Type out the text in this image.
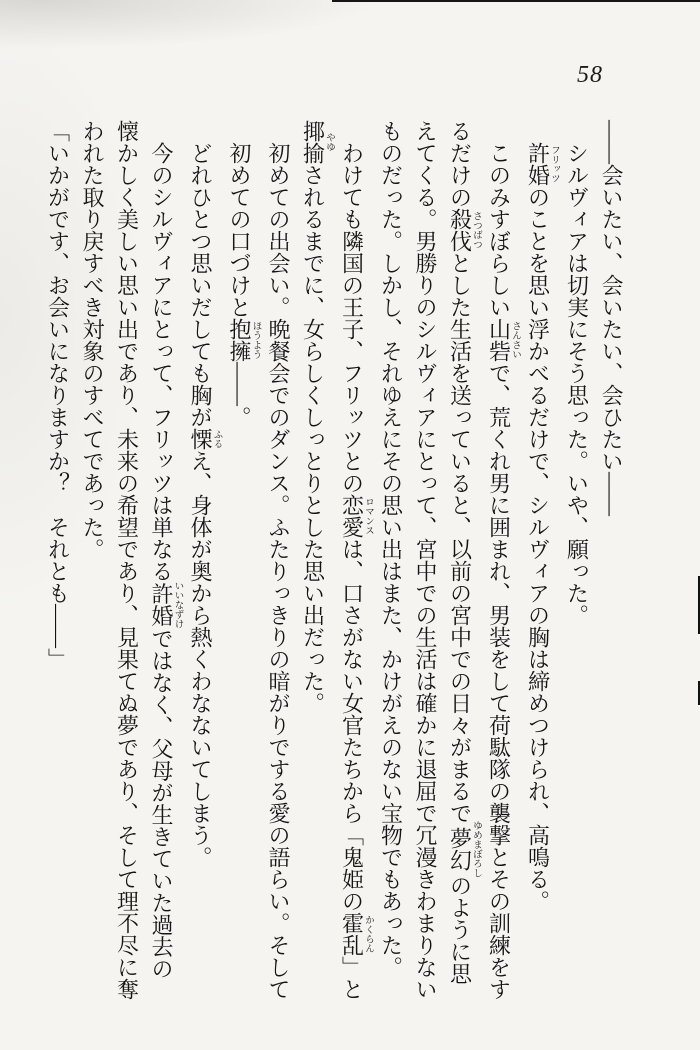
58

——会いたい、会いたい、会ひたい——

シルヴィアは切実にそう思った。いや、願った。

許婚フリッツのことを思い浮かべるだけで、シルヴィアの胸は締めつけられ、高鳴る。

このみすぼらしい山砦さんさいで、荒くれ男に囲まれ、男装をして荷駄隊の襲撃とその訓練をす

るだけの殺伐さつばつとした生活を送っていると、以前の宮中での日々がまるで夢幻ゆめまぼろしのように思

えてくる。男勝りのシルヴィアにとって、宮中での生活は確かに退屈で冗漫きわまりない

ものだった。しかし、それゆえにその思い出はまた、かけがえのない宝物でもあった。

わけても隣国の王子、フリッツとの恋愛ロマンスは、口さがない女官たちから「鬼姫の霍乱かくらん」と

揶揄やゆされるまでに、女らしくしっとりとした思い出だった。

初めての出会い。晩餐会でのダンス。ふたりっきりの暗がりでする愛の語らい。そして

初めての口づけと抱擁ほうよう——。

どれひとつ思いだしても胸が慄ふるえ、身体が奥から熱くわなないてしまう。

今のシルヴィアにとって、フリッツは単なる許婚いいなずけではなく、父母が生きていた過去の

懐かしく美しい思い出であり、未来の希望であり、見果てぬ夢であり、そして理不尽に奪

われた取り戻すべき対象のすべてであった。

「いかがです、お会いになりますか？　それとも——」
